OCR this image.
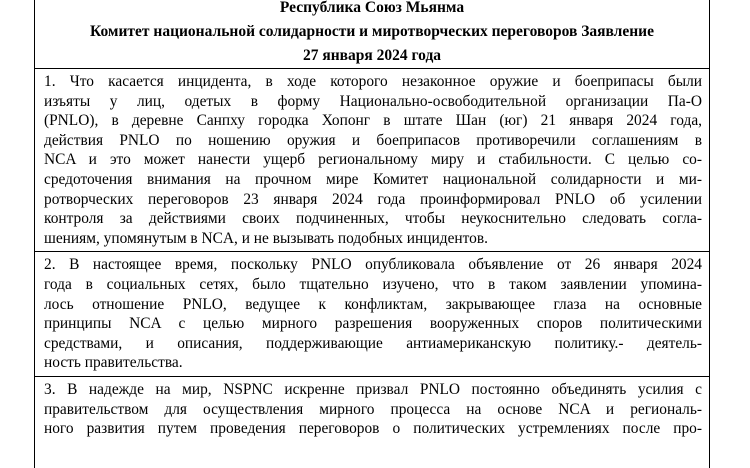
Республика Союз Мьянма
Комитет национальной солидарности и миротворческих переговоров Заявление
27 января 2024 года
1. Что касается инцидента, в ходе которого незаконное оружие и боеприпасы были
изъяты у лиц, одетых в форму Национально-освободительной организации Па-О
(PNLO), в деревне Санпху городка Хопонг в штате Шан (юг) 21 января 2024 года,
действия PNLO по ношению оружия и боеприпасов противоречили соглашениям в
NCA и это может нанести ущерб региональному миру и стабильности. С целью со-
средоточения внимания на прочном мире Комитет национальной солидарности и ми-
ротворческих переговоров 23 января 2024 года проинформировал PNLO об усилении
контроля за действиями своих подчиненных, чтобы неукоснительно следовать согла-
шениям, упомянутым в NCA, и не вызывать подобных инцидентов.
2. В настоящее время, поскольку PNLO опубликовала объявление от 26 января 2024
года в социальных сетях, было тщательно изучено, что в таком заявлении упомина-
лось отношение PNLO, ведущее к конфликтам, закрывающее глаза на основные
принципы NCA с целью мирного разрешения вооруженных споров политическими
средствами, и описания, поддерживающие антиамериканскую политику.- деятель-
ность правительства.
3. В надежде на мир, NSPNC искренне призвал PNLO постоянно объединять усилия с
правительством для осуществления мирного процесса на основе NCA и региональ-
ного развития путем проведения переговоров о политических устремлениях после про-
